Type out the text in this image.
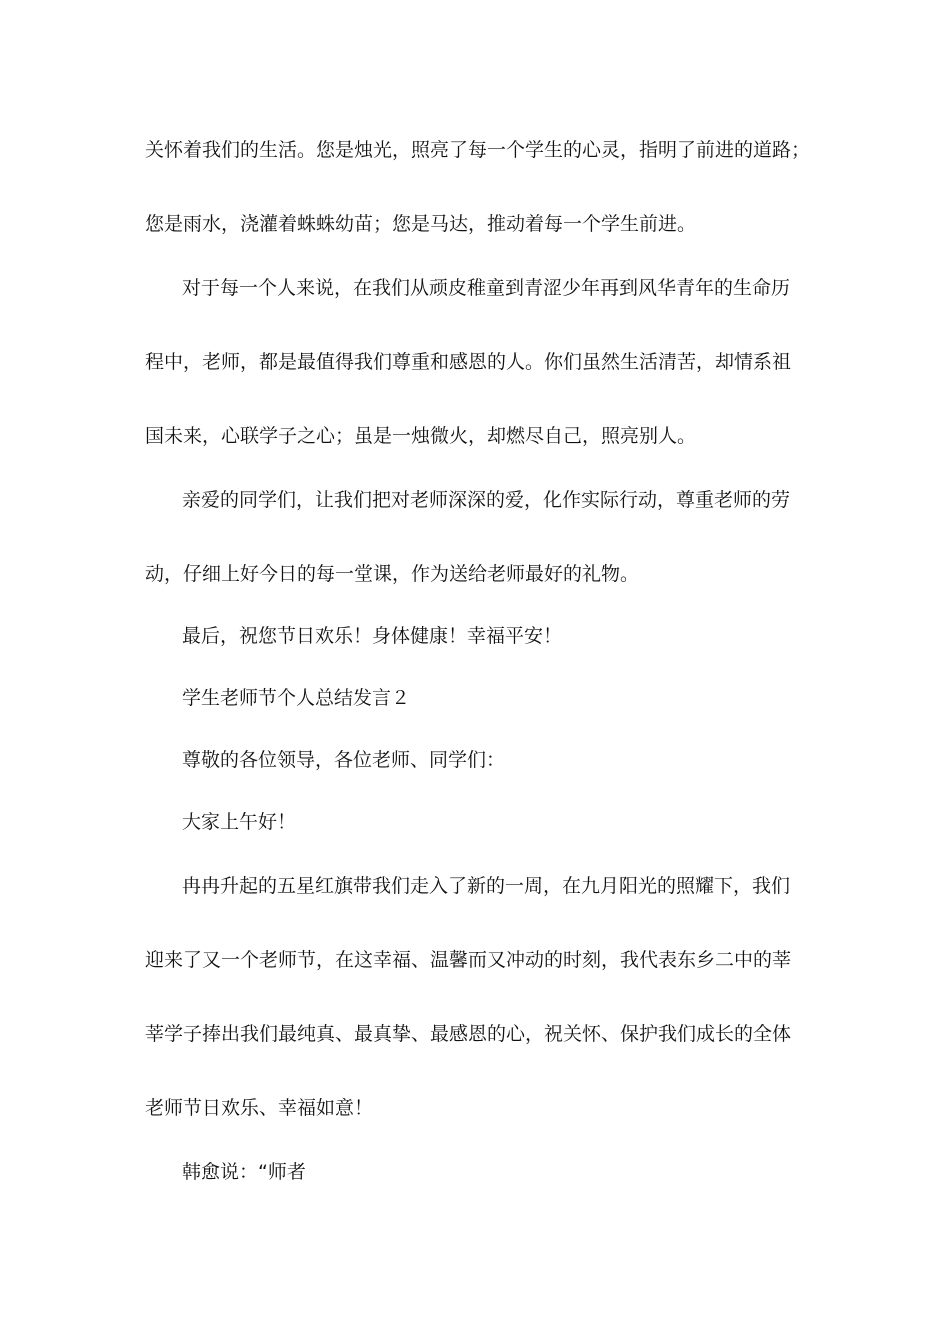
关怀着我们的生活。您是烛光，照亮了每一个学生的心灵，指明了前进的道路；
您是雨水，浇灌着蛛蛛幼苗；您是马达，推动着每一个学生前进。
对于每一个人来说，在我们从顽皮稚童到青涩少年再到风华青年的生命历
程中，老师，都是最值得我们尊重和感恩的人。你们虽然生活清苦，却情系祖
国未来，心联学子之心；虽是一烛微火，却燃尽自己，照亮别人。
亲爱的同学们，让我们把对老师深深的爱，化作实际行动，尊重老师的劳
动，仔细上好今日的每一堂课，作为送给老师最好的礼物。
最后，祝您节日欢乐！身体健康！幸福平安！
学生老师节个人总结发言２
尊敬的各位领导，各位老师、同学们：
大家上午好！
冉冉升起的五星红旗带我们走入了新的一周，在九月阳光的照耀下，我们
迎来了又一个老师节，在这幸福、温馨而又冲动的时刻，我代表东乡二中的莘
莘学子捧出我们最纯真、最真挚、最感恩的心，祝关怀、保护我们成长的全体
老师节日欢乐、幸福如意！
韩愈说：“师者
